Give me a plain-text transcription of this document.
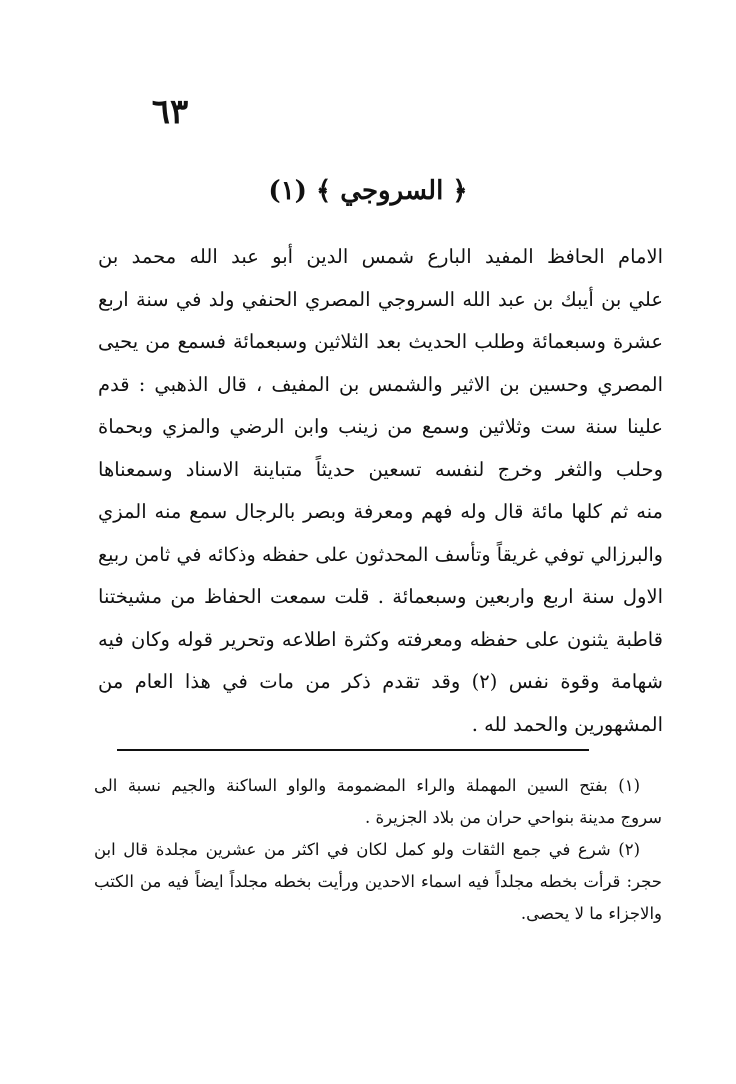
٦٣
﴿ السروجي ﴾ (١)
الامام الحافظ المفيد البارع شمس الدين أبو عبد الله محمد بن
علي بن أيبك بن عبد الله السروجي المصري الحنفي ولد في سنة اربع
عشرة وسبعمائة وطلب الحديث بعد الثلاثين وسبعمائة فسمع من يحيى
المصري وحسين بن الاثير والشمس بن المفيف ، قال الذهبي : قدم
علينا سنة ست وثلاثين وسمع من زينب وابن الرضي والمزي وبحماة
وحلب والثغر وخرج لنفسه تسعين حديثاً متباينة الاسناد وسمعناها
منه ثم كلها مائة قال وله فهم ومعرفة وبصر بالرجال سمع منه المزي
والبرزالي توفي غريقاً وتأسف المحدثون على حفظه وذكائه في ثامن ربيع
الاول سنة اربع واربعين وسبعمائة . قلت سمعت الحفاظ من مشيختنا
قاطبة يثنون على حفظه ومعرفته وكثرة اطلاعه وتحرير قوله وكان فيه
شهامة وقوة نفس (٢) وقد تقدم ذكر من مات في هذا العام من
المشهورين والحمد لله .
(١) بفتح السين المهملة والراء المضمومة والواو الساكنة والجيم نسبة الى
سروج مدينة بنواحي حران من بلاد الجزيرة .
(٢) شرع في جمع الثقات ولو كمل لكان في اكثر من عشرين مجلدة قال ابن
حجر: قرأت بخطه مجلداً فيه اسماء الاحدين ورأيت بخطه مجلداً ايضاً فيه من الكتب
والاجزاء ما لا يحصى.
